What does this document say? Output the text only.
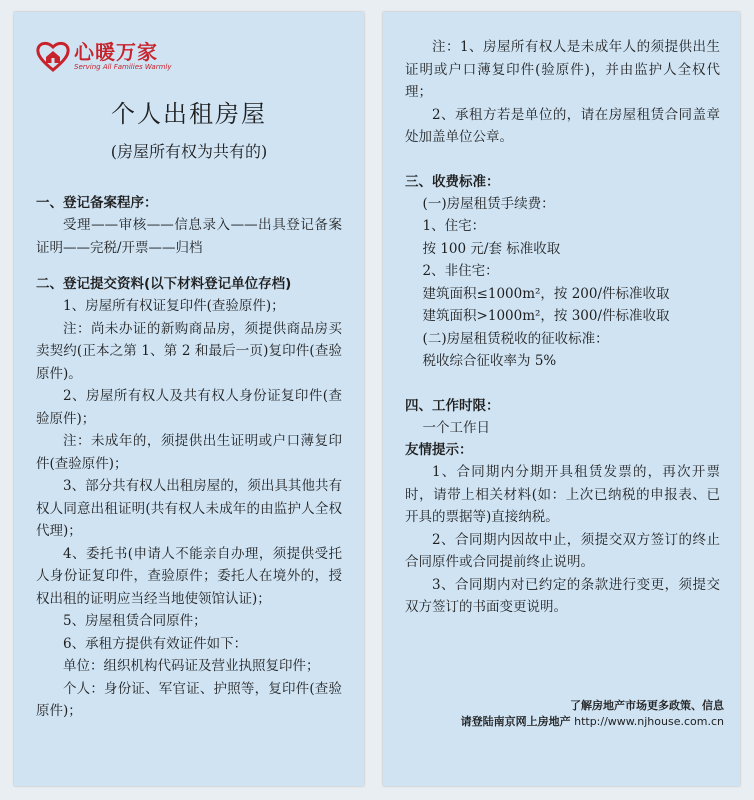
心暖万家
Serving All Families Warmly
个人出租房屋
(房屋所有权为共有的)
一、登记备案程序：

受理——审核——信息录入——出具登记备案证明——完税/开票——归档

二、登记提交资料(以下材料登记单位存档)

1、房屋所有权证复印件(查验原件)；

注：尚未办证的新购商品房，须提供商品房买卖契约(正本之第 1、第 2 和最后一页)复印件(查验原件)。

2、房屋所有权人及共有权人身份证复印件(查验原件)；

注：未成年的，须提供出生证明或户口薄复印件(查验原件)；

3、部分共有权人出租房屋的，须出具其他共有权人同意出租证明(共有权人未成年的由监护人全权代理)；

4、委托书(申请人不能亲自办理，须提供受托人身份证复印件，查验原件；委托人在境外的，授权出租的证明应当经当地使领馆认证)；

5、房屋租赁合同原件；

6、承租方提供有效证件如下：

单位：组织机构代码证及营业执照复印件；

个人：身份证、军官证、护照等，复印件(查验原件)；

注：1、房屋所有权人是未成年人的须提供出生证明或户口薄复印件(验原件)，并由监护人全权代理；

2、承租方若是单位的，请在房屋租赁合同盖章处加盖单位公章。

三、收费标准：

(一)房屋租赁手续费：

1、住宅：

按 100 元/套 标准收取

2、非住宅：

建筑面积≤1000m²，按 200/件标准收取

建筑面积>1000m²，按 300/件标准收取

(二)房屋租赁税收的征收标准：

税收综合征收率为 5%

四、工作时限：

一个工作日

友情提示：

1、合同期内分期开具租赁发票的，再次开票时，请带上相关材料(如：上次已纳税的申报表、已开具的票据等)直接纳税。

2、合同期内因故中止，须提交双方签订的终止合同原件或合同提前终止说明。

3、合同期内对已约定的条款进行变更，须提交双方签订的书面变更说明。

了解房地产市场更多政策、信息
请登陆南京网上房地产 http://www.njhouse.com.cn
